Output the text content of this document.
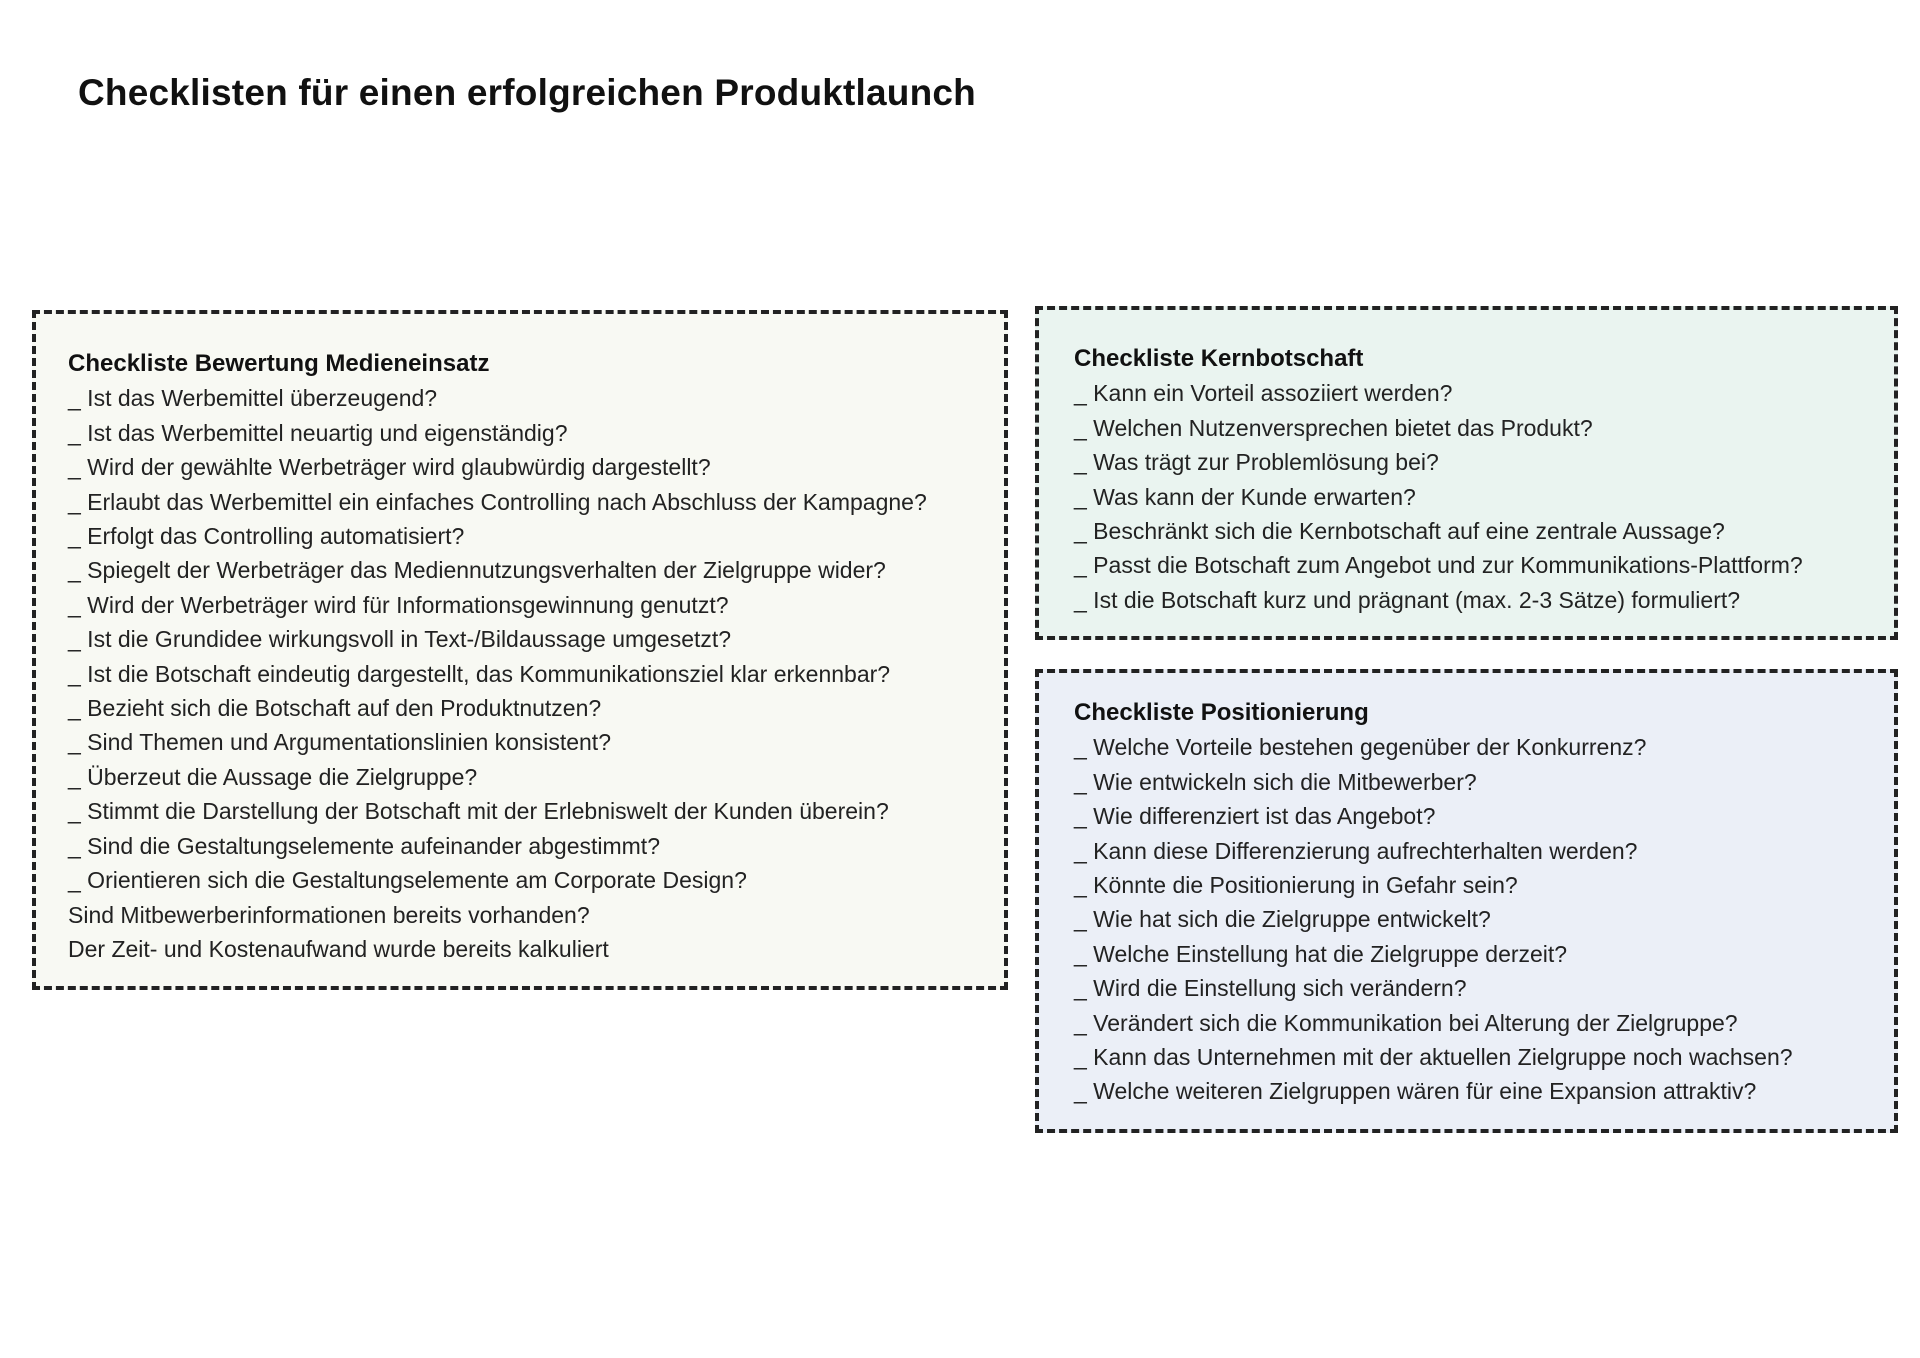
Checklisten für einen erfolgreichen Produktlaunch
Checkliste Bewertung Medieneinsatz
_ Ist das Werbemittel überzeugend?
_ Ist das Werbemittel neuartig und eigenständig?
_ Wird der gewählte Werbeträger wird glaubwürdig dargestellt?
_ Erlaubt das Werbemittel ein einfaches Controlling nach Abschluss der Kampagne?
_ Erfolgt das Controlling automatisiert?
_ Spiegelt der Werbeträger das Mediennutzungsverhalten der Zielgruppe wider?
_ Wird der Werbeträger wird für Informationsgewinnung genutzt?
_ Ist die Grundidee wirkungsvoll in Text-/Bildaussage umgesetzt?
_ Ist die Botschaft eindeutig dargestellt, das Kommunikationsziel klar erkennbar?
_ Bezieht sich die Botschaft auf den Produktnutzen?
_ Sind Themen und Argumentationslinien konsistent?
_ Überzeut die Aussage die Zielgruppe?
_ Stimmt die Darstellung der Botschaft mit der Erlebniswelt der Kunden überein?
_ Sind die Gestaltungselemente aufeinander abgestimmt?
_ Orientieren sich die Gestaltungselemente am Corporate Design?
Sind Mitbewerberinformationen bereits vorhanden?
Der Zeit- und Kostenaufwand wurde bereits kalkuliert
Checkliste Kernbotschaft
_ Kann ein Vorteil assoziiert werden?
_ Welchen Nutzenversprechen bietet das Produkt?
_ Was trägt zur Problemlösung bei?
_ Was kann der Kunde erwarten?
_ Beschränkt sich die Kernbotschaft auf eine zentrale Aussage?
_ Passt die Botschaft zum Angebot und zur Kommunikations-Plattform?
_ Ist die Botschaft kurz und prägnant (max. 2-3 Sätze) formuliert?
Checkliste Positionierung
_ Welche Vorteile bestehen gegenüber der Konkurrenz?
_ Wie entwickeln sich die Mitbewerber?
_ Wie differenziert ist das Angebot?
_ Kann diese Differenzierung aufrechterhalten werden?
_ Könnte die Positionierung in Gefahr sein?
_ Wie hat sich die Zielgruppe entwickelt?
_ Welche Einstellung hat die Zielgruppe derzeit?
_ Wird die Einstellung sich verändern?
_ Verändert sich die Kommunikation bei Alterung der Zielgruppe?
_ Kann das Unternehmen mit der aktuellen Zielgruppe noch wachsen?
_ Welche weiteren Zielgruppen wären für eine Expansion attraktiv?
